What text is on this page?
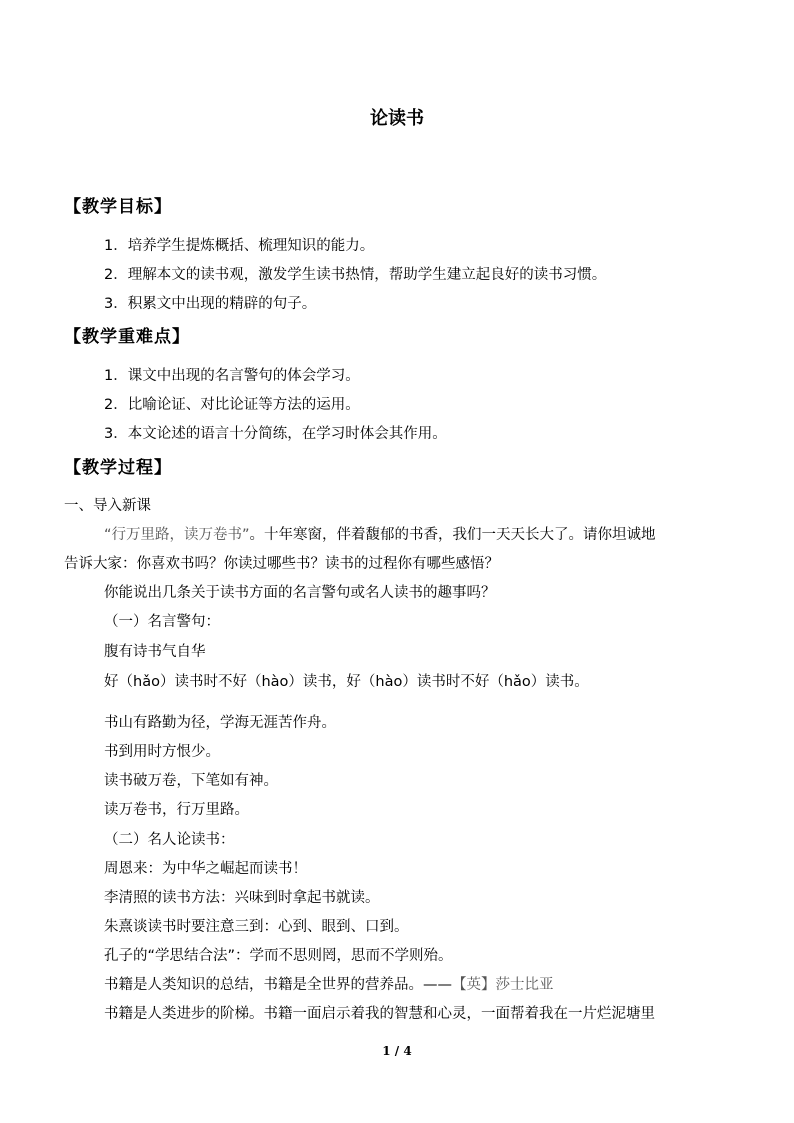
论读书
【教学目标】
1．培养学生提炼概括、梳理知识的能力。
2．理解本文的读书观，激发学生读书热情，帮助学生建立起良好的读书习惯。
3．积累文中出现的精辟的句子。
【教学重难点】
1．课文中出现的名言警句的体会学习。
2．比喻论证、对比论证等方法的运用。
3．本文论述的语言十分简练，在学习时体会其作用。
【教学过程】
一、导入新课
“行万里路，读万卷书”。十年寒窗，伴着馥郁的书香，我们一天天长大了。请你坦诚地
告诉大家：你喜欢书吗？你读过哪些书？读书的过程你有哪些感悟？
你能说出几条关于读书方面的名言警句或名人读书的趣事吗？
（一）名言警句：
腹有诗书气自华
好（hǎo）读书时不好（hào）读书，好（hào）读书时不好（hǎo）读书。
书山有路勤为径，学海无涯苦作舟。
书到用时方恨少。
读书破万卷，下笔如有神。
读万卷书，行万里路。
（二）名人论读书：
周恩来：为中华之崛起而读书！
李清照的读书方法：兴味到时拿起书就读。
朱熹谈读书时要注意三到：心到、眼到、口到。
孔子的“学思结合法”：学而不思则罔，思而不学则殆。
书籍是人类知识的总结，书籍是全世界的营养品。——【英】莎士比亚
书籍是人类进步的阶梯。书籍一面启示着我的智慧和心灵，一面帮着我在一片烂泥塘里
1 / 4
